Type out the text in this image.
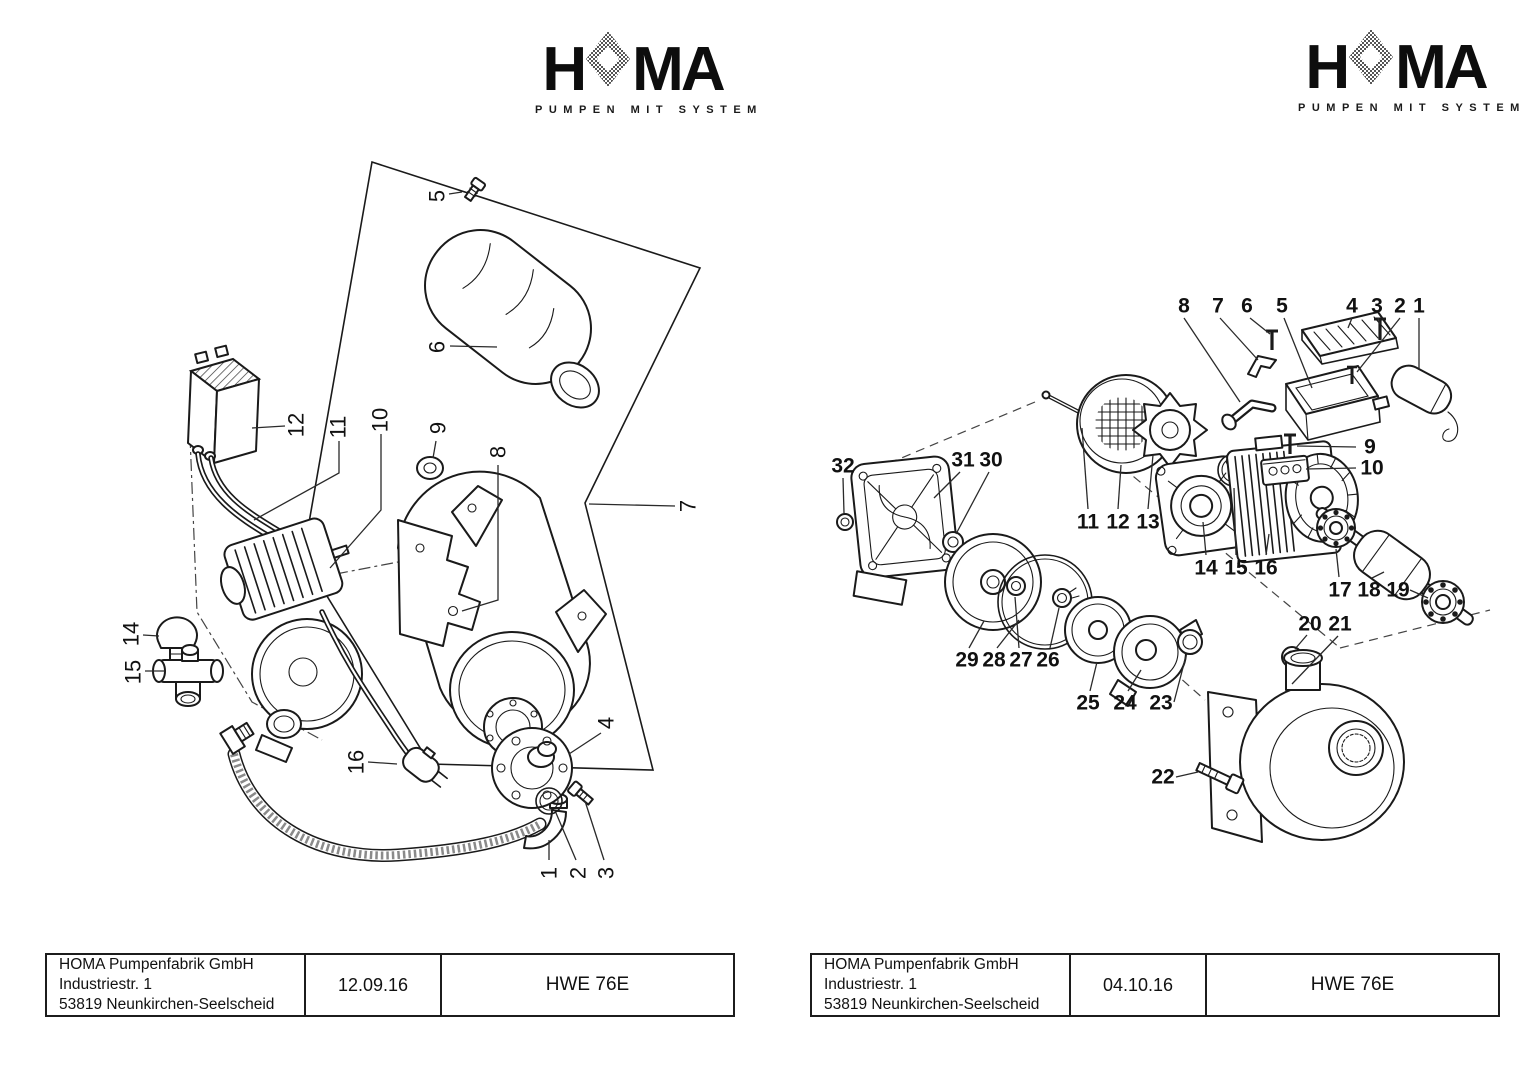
H MA
PUMPEN MIT SYSTEM
H MA
PUMPEN MIT SYSTEM
5
6
12 11 10 9
8
7
14
15
16
4
1 2 3
8 7 6 5	4 3 2 1
9
10
32	31 30
11 12 13
14 15 16
17 18 19
20 21
29 28 27 26
25 24 23
22
HOMA Pumpenfabrik GmbH
Industriestr. 1
53819 Neunkirchen-Seelscheid
12.09.16	HWE 76E
HOMA Pumpenfabrik GmbH
Industriestr. 1
53819 Neunkirchen-Seelscheid
04.10.16	HWE 76E
